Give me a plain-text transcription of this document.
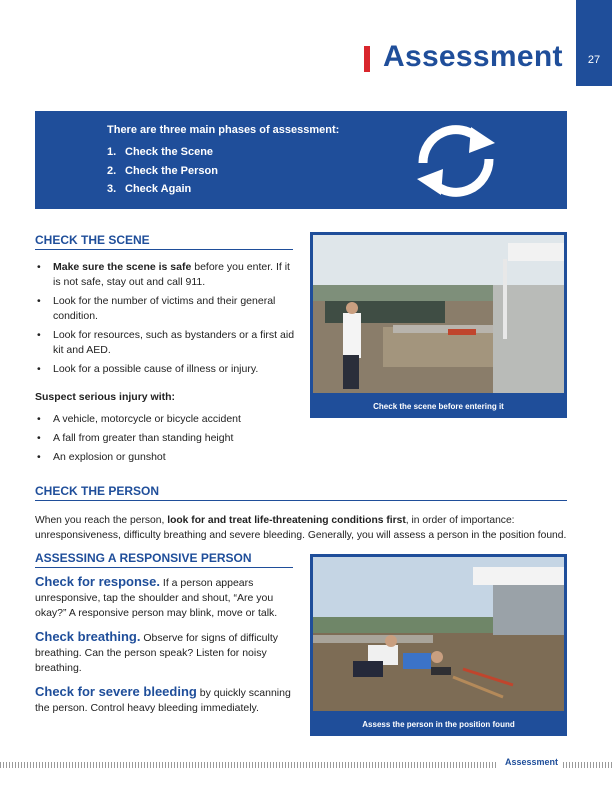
27
Assessment
There are three main phases of assessment:
1. Check the Scene
2. Check the Person
3. Check Again
CHECK THE SCENE
• Make sure the scene is safe before you enter. If it is not safe, stay out and call 911.
• Look for the number of victims and their general condition.
• Look for resources, such as bystanders or a first aid kit and AED.
• Look for a possible cause of illness or injury.
Suspect serious injury with:
• A vehicle, motorcycle or bicycle accident
• A fall from greater than standing height
• An explosion or gunshot
Check the scene before entering it
CHECK THE PERSON
When you reach the person, look for and treat life-threatening conditions first, in order of importance: unresponsiveness, difficulty breathing and severe bleeding. Generally, you will assess a person in the position found.
ASSESSING A RESPONSIVE PERSON
Check for response. If a person appears unresponsive, tap the shoulder and shout, “Are you okay?” A responsive person may blink, move or talk.
Check breathing. Observe for signs of difficulty breathing. Can the person speak? Listen for noisy breathing.
Check for severe bleeding by quickly scanning the person. Control heavy bleeding immediately.
Assess the person in the position found
Assessment
